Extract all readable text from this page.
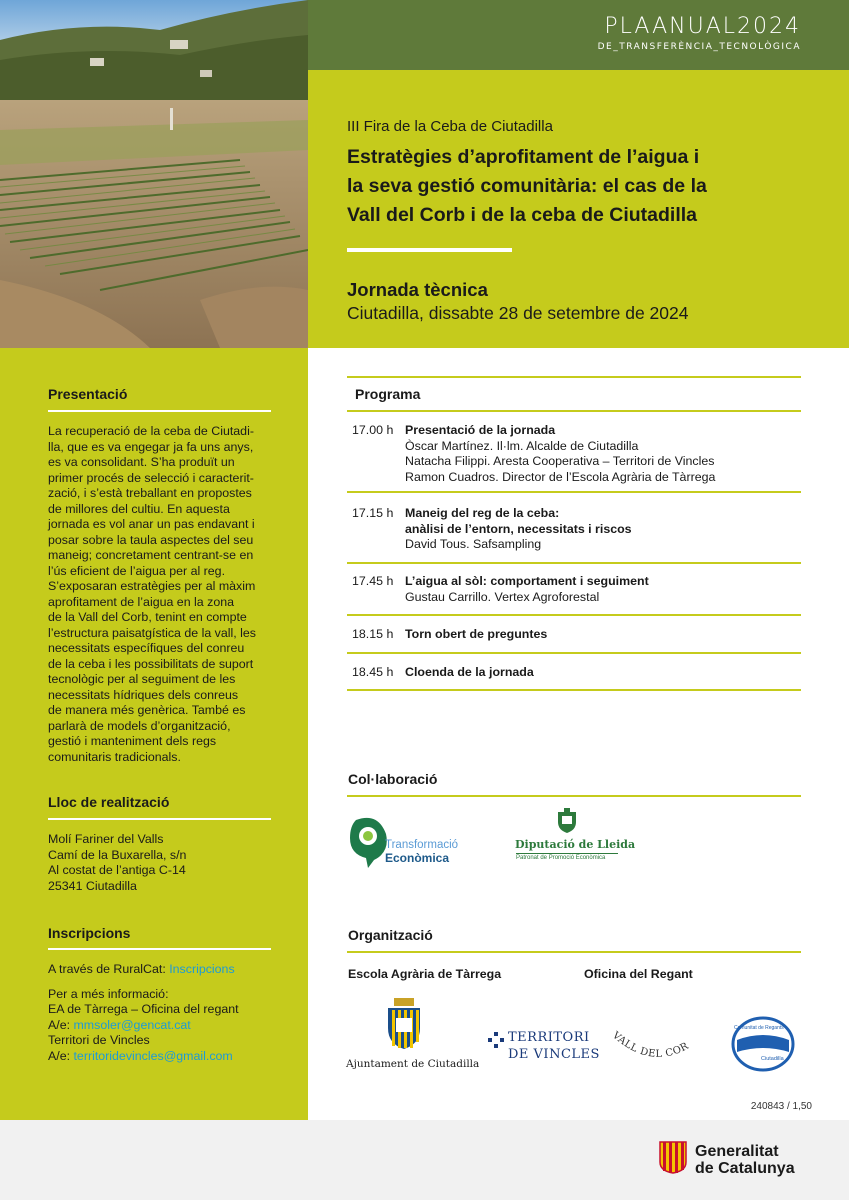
PLAANUAL2024
DE_TRANSFERÈNCIA_TECNOLÒGICA
III Fira de la Ceba de Ciutadilla
Estratègies d’aprofitament de l’aigua i
la seva gestió comunitària: el cas de la
Vall del Corb i de la ceba de Ciutadilla
Jornada tècnica
Ciutadilla, dissabte 28 de setembre de 2024
Presentació
La recuperació de la ceba de Ciutadi-
lla, que es va engegar ja fa uns anys,
es va consolidant. S’ha produït un
primer procés de selecció i caracterit-
zació, i s’està treballant en propostes
de millores del cultiu. En aquesta
jornada es vol anar un pas endavant i
posar sobre la taula aspectes del seu
maneig; concretament centrant-se en
l’ús eficient de l’aigua per al reg.
S’exposaran estratègies per al màxim
aprofitament de l’aigua en la zona
de la Vall del Corb, tenint en compte
l’estructura paisatgística de la vall, les
necessitats específiques del conreu
de la ceba i les possibilitats de suport
tecnològic per al seguiment de les
necessitats hídriques dels conreus
de manera més genèrica. També es
parlarà de models d’organització,
gestió i manteniment dels regs
comunitaris tradicionals.
Lloc de realització
Molí Fariner del Valls
Camí de la Buxarella, s/n
Al costat de l’antiga C-14
25341 Ciutadilla
Inscripcions
A través de RuralCat: Inscripcions
Per a més informació:
EA de Tàrrega – Oficina del regant
A/e: mmsoler@gencat.cat
Territori de Vincles
A/e: territoridevincles@gmail.com
240843 / 1,50
Programa
17.00 h Presentació de la jornada
Òscar Martínez. Il·lm. Alcalde de Ciutadilla
Natacha Filippi. Aresta Cooperativa – Territori de Vincles
Ramon Cuadros. Director de l’Escola Agrària de Tàrrega
17.15 h Maneig del reg de la ceba:
anàlisi de l’entorn, necessitats i riscos
David Tous. Safsampling
17.45 h L’aigua al sòl: comportament i seguiment
Gustau Carrillo. Vertex Agroforestal
18.15 h Torn obert de preguntes
18.45 h Cloenda de la jornada
Col·laboració
Transformació
Econòmica
Diputació de Lleida
Patronat de Promoció Econòmica
Organització
Escola Agrària de Tàrrega	Oficina del Regant
Ajuntament de Ciutadilla
TERRITORI
DE VINCLES
VALL DEL COR
Comunitat de Regants
Ciutadilla
Generalitat
de Catalunya
